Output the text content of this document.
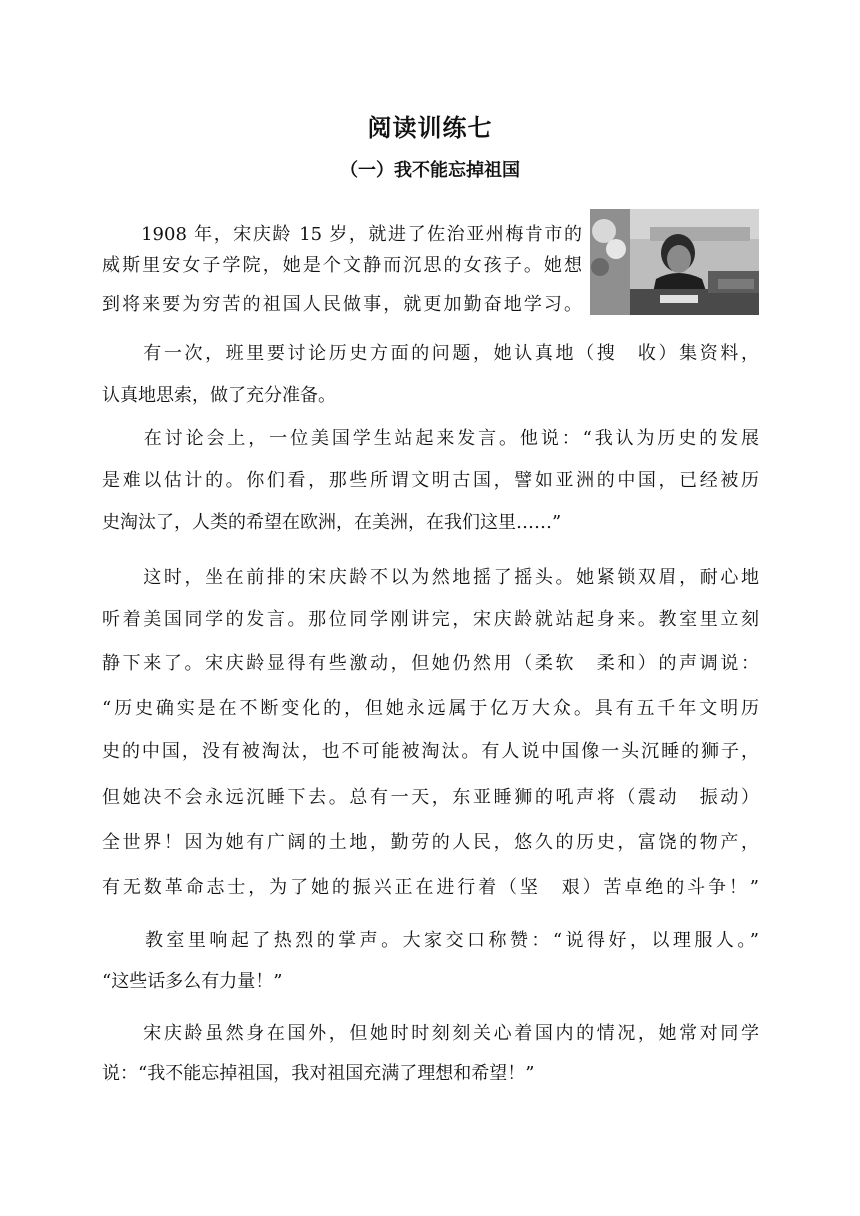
阅读训练七
（一）我不能忘掉祖国
　　1908 年，宋庆龄 15 岁，就进了佐治亚州梅肯市的
威斯里安女子学院，她是个文静而沉思的女孩子。她想
到将来要为穷苦的祖国人民做事，就更加勤奋地学习。
　　有一次，班里要讨论历史方面的问题，她认真地（搜　收）集资料，
认真地思索，做了充分准备。
　　在讨论会上，一位美国学生站起来发言。他说：“我认为历史的发展
是难以估计的。你们看，那些所谓文明古国，譬如亚洲的中国，已经被历
史淘汰了，人类的希望在欧洲，在美洲，在我们这里……”
　　这时，坐在前排的宋庆龄不以为然地摇了摇头。她紧锁双眉，耐心地
听着美国同学的发言。那位同学刚讲完，宋庆龄就站起身来。教室里立刻
静下来了。宋庆龄显得有些激动，但她仍然用（柔软　柔和）的声调说：
“历史确实是在不断变化的，但她永远属于亿万大众。具有五千年文明历
史的中国，没有被淘汰，也不可能被淘汰。有人说中国像一头沉睡的狮子，
但她决不会永远沉睡下去。总有一天，东亚睡狮的吼声将（震动　振动）
全世界！因为她有广阔的土地，勤劳的人民，悠久的历史，富饶的物产，
有无数革命志士，为了她的振兴正在进行着（坚　艰）苦卓绝的斗争！”
　　教室里响起了热烈的掌声。大家交口称赞：“说得好，以理服人。”
“这些话多么有力量！”
　　宋庆龄虽然身在国外，但她时时刻刻关心着国内的情况，她常对同学
说：“我不能忘掉祖国，我对祖国充满了理想和希望！”
